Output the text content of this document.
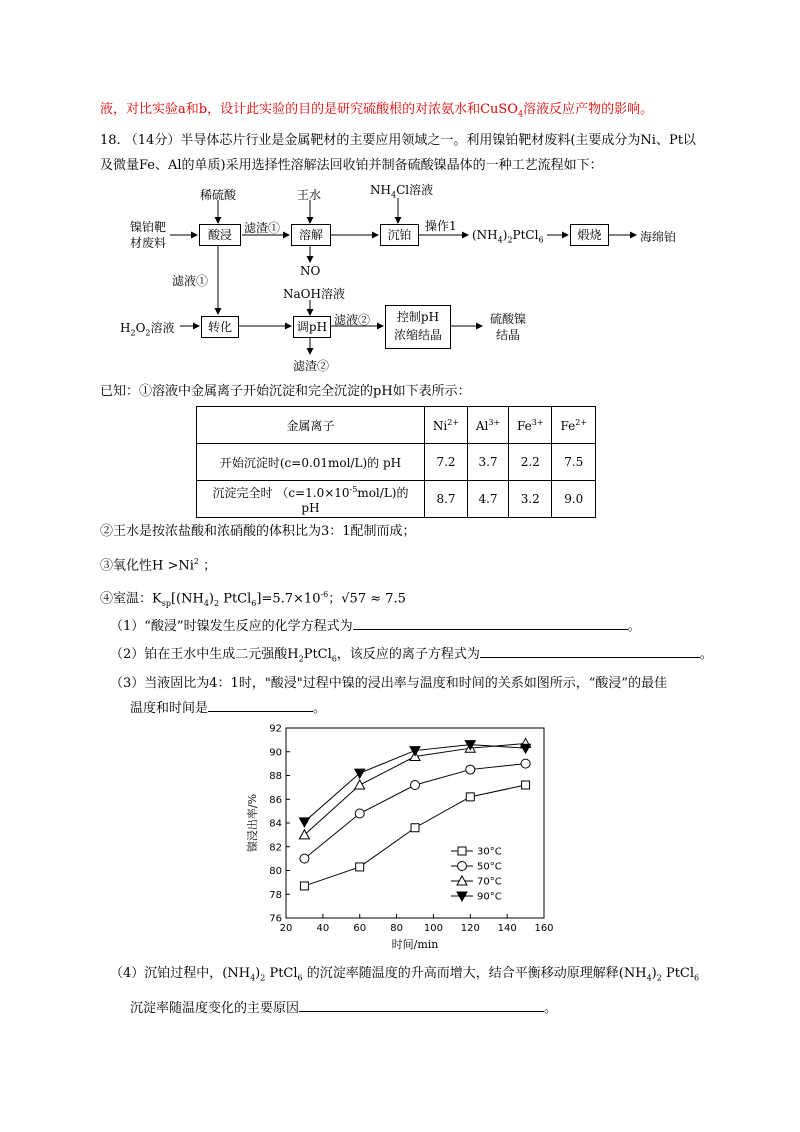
液，对比实验a和b，设计此实验的目的是研究硫酸根的对浓氨水和CuSO$_4$溶液反应产物的影响。
18. （14分）半导体芯片行业是金属靶材的主要应用领域之一。利用镍铂靶材废料(主要成分为Ni、Pt以
及微量Fe、Al的单质)采用选择性溶解法回收铂并制备硫酸镍晶体的一种工艺流程如下：
镍铂靶
材废料
稀硫酸
酸浸	滤渣①
王水
溶解
NO
$NH_4Cl$溶液
沉铂
操作1
$(NH_4)_2PtCl_6$	煅烧	海绵铂
滤液①
NaOH溶液
$H_2O_2$溶液	转化	调pH 滤液②
滤渣②
控制pH
浓缩结晶
硫酸镍
结晶
已知：①溶液中金属离子开始沉淀和完全沉淀的pH如下表所示：
金属离子	$Ni^{2+}$	$Al^{3+}$	$Fe^{3+}$	$Fe^{2+}$
开始沉淀时(c=0.01mol/L)的 pH	7.2	3.7	2.2	7.5
沉淀完全时 $(c=1.0\times 10^{-5}mol/L)$的 pH	8.7	4.7	3.2	9.0
②王水是按浓盐酸和浓硝酸的体积比为3：1配制而成；
③氧化性$H >Ni^2$ ；
④室温：$K_{sp}[(NH_4)_2$ $PtCl_6]=5.7\times 10^{-6}$；√57 ≈ 7.5
（1）“酸浸”时镍发生反应的化学方程式为	。
（2）铂在王水中生成二元强酸$H_2PtCl_6$，该反应的离子方程式为	。
（3）当液固比为4：1时，"酸浸"过程中镍的浸出率与温度和时间的关系如图所示，“酸浸”的最佳
温度和时间是	。
20 40 60 80 100 120 140 160
76
78
80
82
84
86
88
90
92
时间/min
镍浸出率/%	30°C
50°C
70°C
90°C
（4）沉铂过程中，$(NH_4)_2$ PtCl$_6$ 的沉淀率随温度的升高而增大，结合平衡移动原理解释$(NH_4)_2$ PtCl$_6$
沉淀率随温度变化的主要原因	。
